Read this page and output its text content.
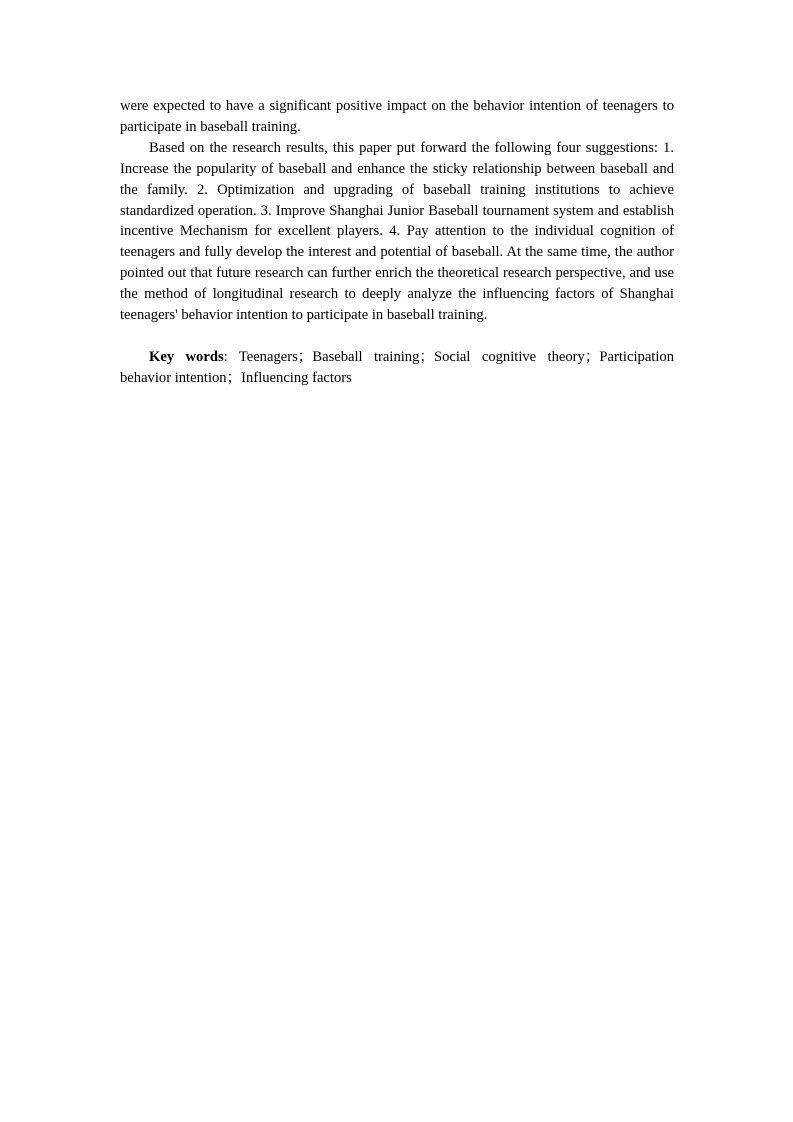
were expected to have a significant positive impact on the behavior intention of teenagers to participate in baseball training.

Based on the research results, this paper put forward the following four suggestions: 1. Increase the popularity of baseball and enhance the sticky relationship between baseball and the family. 2. Optimization and upgrading of baseball training institutions to achieve standardized operation. 3. Improve Shanghai Junior Baseball tournament system and establish incentive Mechanism for excellent players. 4. Pay attention to the individual cognition of teenagers and fully develop the interest and potential of baseball. At the same time, the author pointed out that future research can further enrich the theoretical research perspective, and use the method of longitudinal research to deeply analyze the influencing factors of Shanghai teenagers' behavior intention to participate in baseball training.

Key words: Teenagers；Baseball training；Social cognitive theory；Participation behavior intention；Influencing factors
